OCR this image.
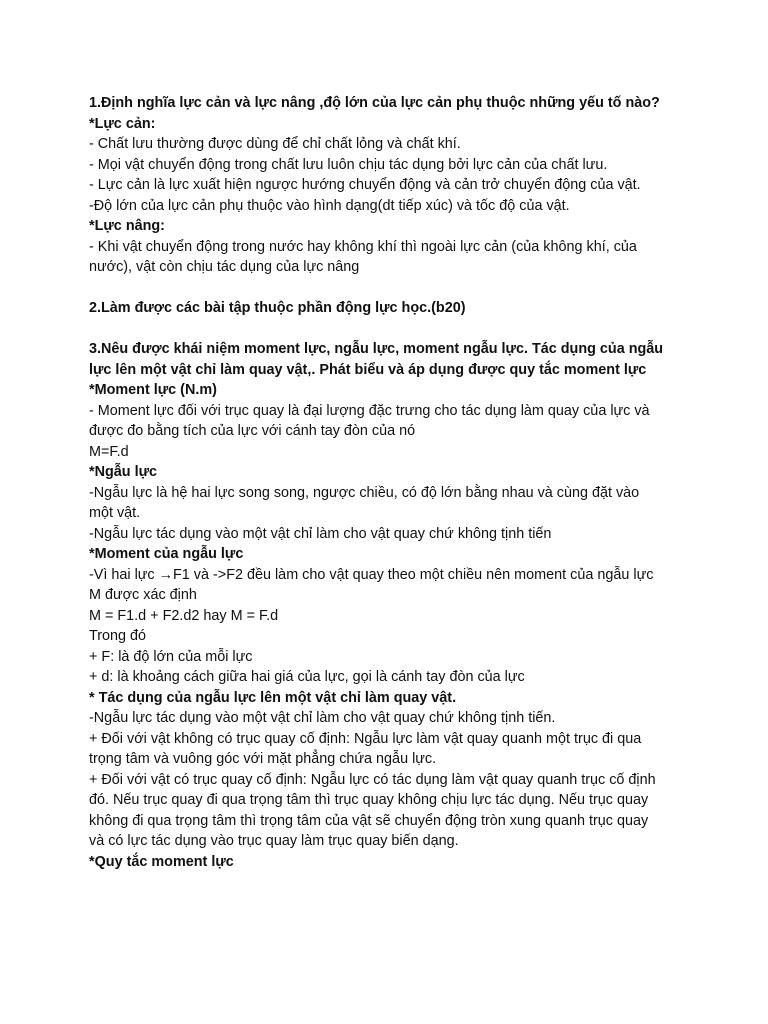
1.Định nghĩa lực cản và lực nâng ,độ lớn của lực cản phụ thuộc những yếu tố nào?
*Lực cản:
- Chất lưu thường được dùng để chỉ chất lỏng và chất khí.
- Mọi vật chuyển động trong chất lưu luôn chịu tác dụng bởi lực cản của chất lưu.
- Lực cản là lực xuất hiện ngược hướng chuyển động và cản trở chuyển động của vật.
-Độ lớn của lực cản phụ thuộc vào hình dạng(dt tiếp xúc) và tốc độ của vật.
*Lực nâng:
- Khi vật chuyển động trong nước hay không khí thì ngoài lực cản (của không khí, của
nước), vật còn chịu tác dụng của lực nâng
2.Làm được các bài tập thuộc phần động lực học.(b20)
3.Nêu được khái niệm moment lực, ngẫu lực, moment ngẫu lực. Tác dụng của ngẫu
lực lên một vật chỉ làm quay vật,. Phát biểu và áp dụng được quy tắc moment lực
*Moment lực (N.m)
- Moment lực đối với trục quay là đại lượng đặc trưng cho tác dụng làm quay của lực và
được đo bằng tích của lực với cánh tay đòn của nó
M=F.d
*Ngẫu lực
-Ngẫu lực là hệ hai lực song song, ngược chiều, có độ lớn bằng nhau và cùng đặt vào
một vật.
-Ngẫu lực tác dụng vào một vật chỉ làm cho vật quay chứ không tịnh tiến
*Moment của ngẫu lực
-Vì hai lực →F1 và ->F2 đều làm cho vật quay theo một chiều nên moment của ngẫu lực
M được xác định
M = F1.d + F2.d2 hay M = F.d
Trong đó
+ F: là độ lớn của mỗi lực
+ d: là khoảng cách giữa hai giá của lực, gọi là cánh tay đòn của lực
* Tác dụng của ngẫu lực lên một vật chỉ làm quay vật.
-Ngẫu lực tác dụng vào một vật chỉ làm cho vật quay chứ không tịnh tiến.
+ Đối với vật không có trục quay cố định: Ngẫu lực làm vật quay quanh một trục đi qua
trọng tâm và vuông góc với mặt phẳng chứa ngẫu lực.
+ Đối với vật có trục quay cố định: Ngẫu lực có tác dụng làm vật quay quanh trục cố định
đó. Nếu trục quay đi qua trọng tâm thì trục quay không chịu lực tác dụng. Nếu trục quay
không đi qua trọng tâm thì trọng tâm của vật sẽ chuyển động tròn xung quanh trục quay
và có lực tác dụng vào trục quay làm trục quay biến dạng.
*Quy tắc moment lực
